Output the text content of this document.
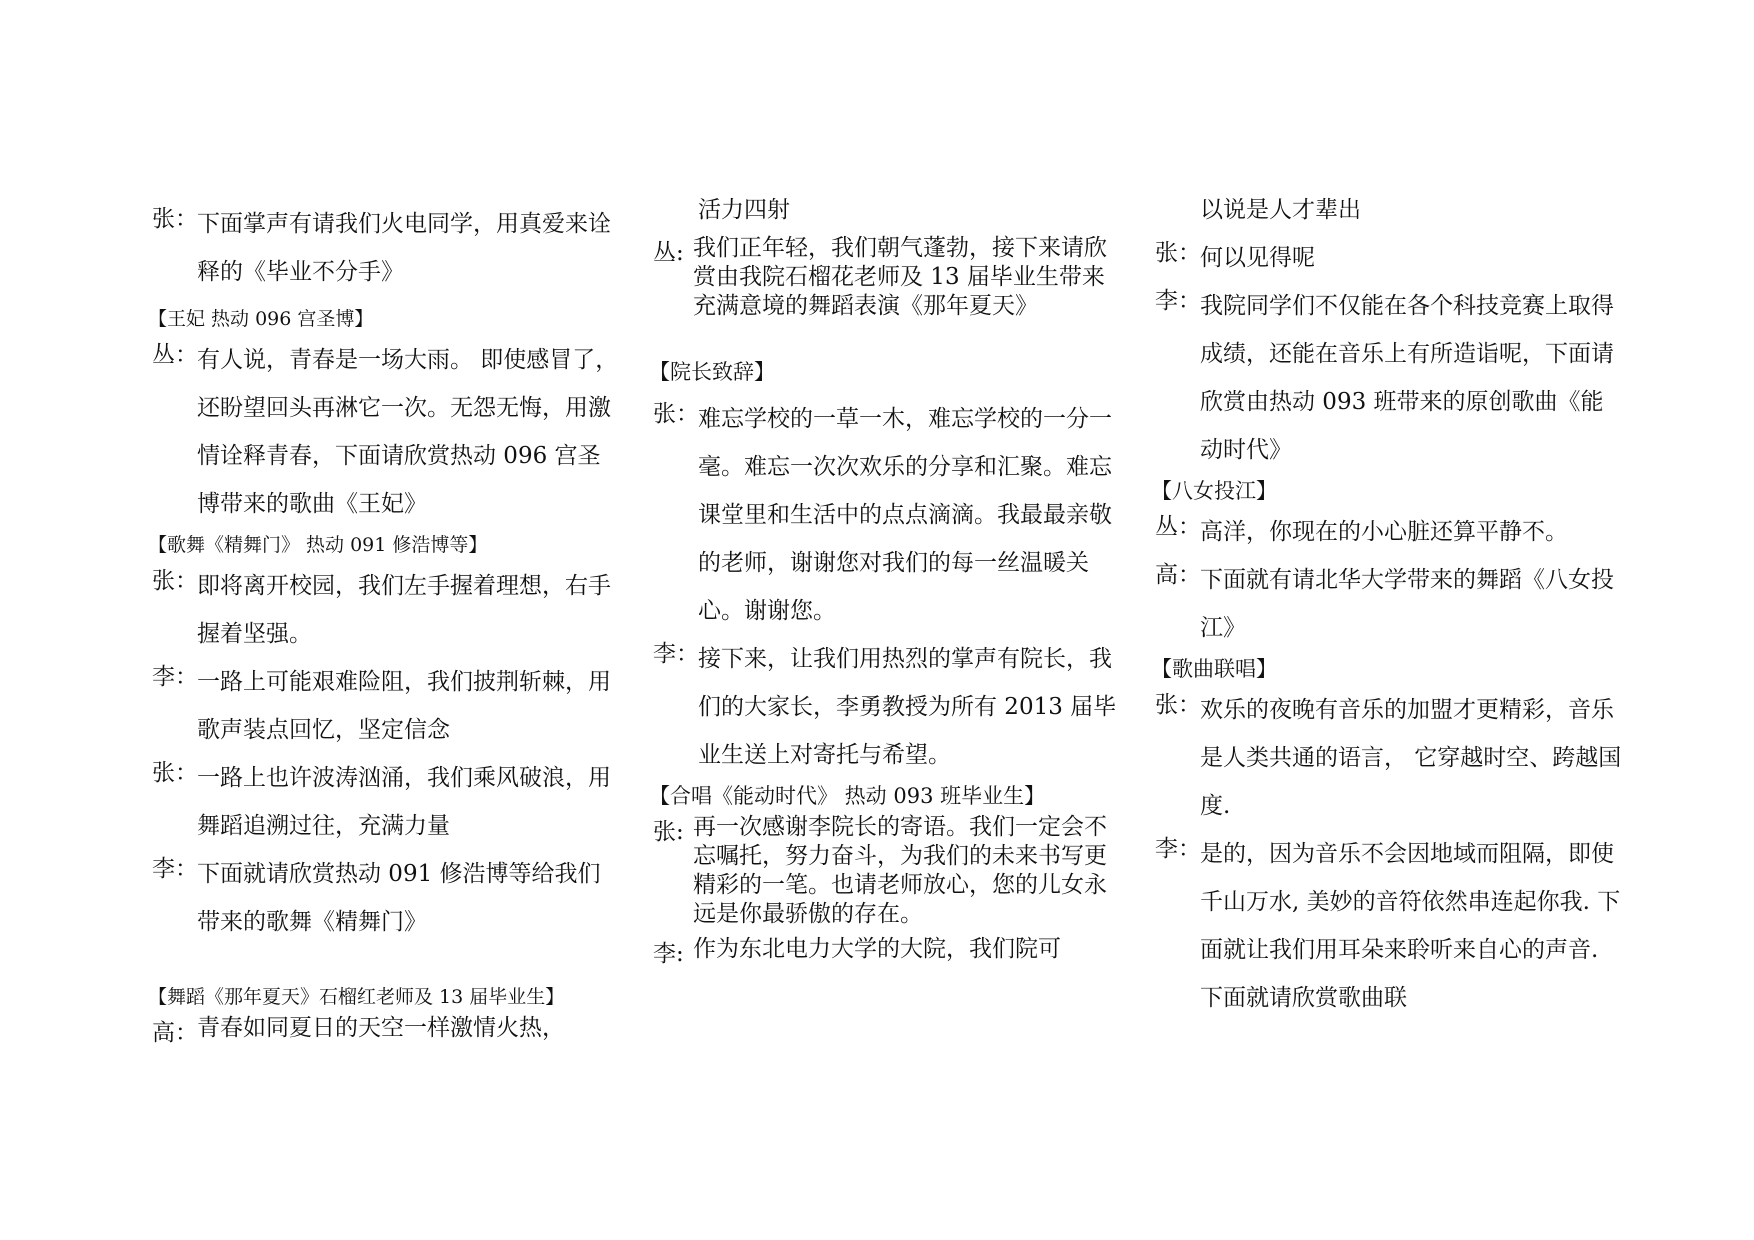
张： 下面掌声有请我们火电同学，用真爱来诠释的《毕业不分手》
【王妃 热动 096 宫圣博】
丛： 有人说，青春是一场大雨。 即使感冒了，还盼望回头再淋它一次。无怨无悔，用激情诠释青春，下面请欣赏热动 096 宫圣博带来的歌曲《王妃》
【歌舞《精舞门》 热动 091 修浩博等】
张： 即将离开校园，我们左手握着理想，右手握着坚强。
李： 一路上可能艰难险阻，我们披荆斩棘，用歌声装点回忆，坚定信念
张： 一路上也许波涛汹涌，我们乘风破浪，用舞蹈追溯过往，充满力量
李： 下面就请欣赏热动 091 修浩博等给我们带来的歌舞《精舞门》
【舞蹈《那年夏天》石榴红老师及 13 届毕业生】
高： 青春如同夏日的天空一样激情火热，
活力四射
丛: 我们正年轻，我们朝气蓬勃，接下来请欣赏由我院石榴花老师及 13 届毕业生带来充满意境的舞蹈表演《那年夏天》
【院长致辞】
张： 难忘学校的一草一木，难忘学校的一分一毫。难忘一次次欢乐的分享和汇聚。难忘课堂里和生活中的点点滴滴。我最最亲敬的老师，谢谢您对我们的每一丝温暖关心。谢谢您。
李： 接下来，让我们用热烈的掌声有院长，我们的大家长，李勇教授为所有 2013 届毕业生送上对寄托与希望。
【合唱《能动时代》 热动 093 班毕业生】
张: 再一次感谢李院长的寄语。我们一定会不忘嘱托，努力奋斗，为我们的未来书写更精彩的一笔。也请老师放心，您的儿女永远是你最骄傲的存在。
李: 作为东北电力大学的大院，我们院可
以说是人才辈出
张： 何以见得呢
李： 我院同学们不仅能在各个科技竞赛上取得成绩，还能在音乐上有所造诣呢，下面请欣赏由热动 093 班带来的原创歌曲《能动时代》
【八女投江】
丛： 高洋，你现在的小心脏还算平静不。
高： 下面就有请北华大学带来的舞蹈《八女投江》
【歌曲联唱】
张： 欢乐的夜晚有音乐的加盟才更精彩，音乐是人类共通的语言， 它穿越时空、跨越国度.
李： 是的，因为音乐不会因地域而阻隔，即使千山万水, 美妙的音符依然串连起你我. 下面就让我们用耳朵来聆听来自心的声音. 下面就请欣赏歌曲联
